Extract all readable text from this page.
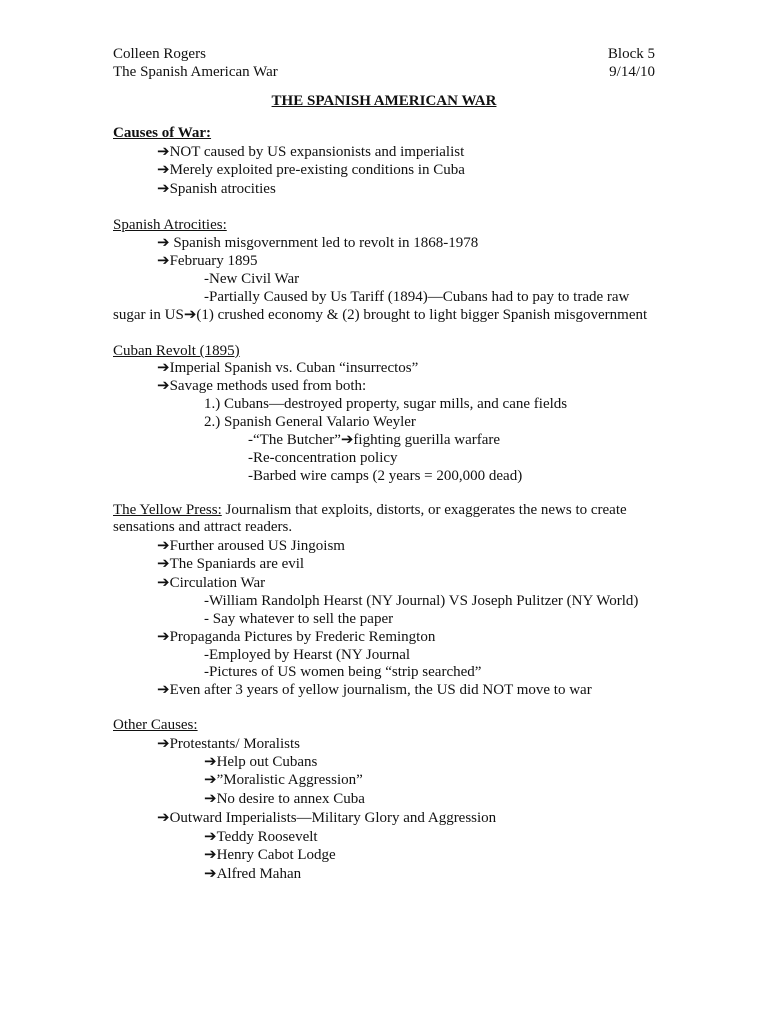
Colleen Rogers	Block 5
The Spanish American War	9/14/10
THE SPANISH AMERICAN WAR
Causes of War:
➔NOT caused by US expansionists and imperialist
➔Merely exploited pre-existing conditions in Cuba
➔Spanish atrocities
Spanish Atrocities:
➔ Spanish misgovernment led to revolt in 1868-1978
➔February 1895
-New Civil War
-Partially Caused by Us Tariff (1894)—Cubans had to pay to trade raw
sugar in US➔(1) crushed economy & (2) brought to light bigger Spanish misgovernment
Cuban Revolt (1895)
➔Imperial Spanish vs. Cuban “insurrectos”
➔Savage methods used from both:
1.) Cubans—destroyed property, sugar mills, and cane fields
2.) Spanish General Valario Weyler
-“The Butcher”➔fighting guerilla warfare
-Re-concentration policy
-Barbed wire camps (2 years = 200,000 dead)
The Yellow Press: Journalism that exploits, distorts, or exaggerates the news to create
sensations and attract readers.
➔Further aroused US Jingoism
➔The Spaniards are evil
➔Circulation War
-William Randolph Hearst (NY Journal) VS Joseph Pulitzer (NY World)
- Say whatever to sell the paper
➔Propaganda Pictures by Frederic Remington
-Employed by Hearst (NY Journal
-Pictures of US women being “strip searched”
➔Even after 3 years of yellow journalism, the US did NOT move to war
Other Causes:
➔Protestants/ Moralists
➔Help out Cubans
➔”Moralistic Aggression”
➔No desire to annex Cuba
➔Outward Imperialists—Military Glory and Aggression
➔Teddy Roosevelt
➔Henry Cabot Lodge
➔Alfred Mahan
